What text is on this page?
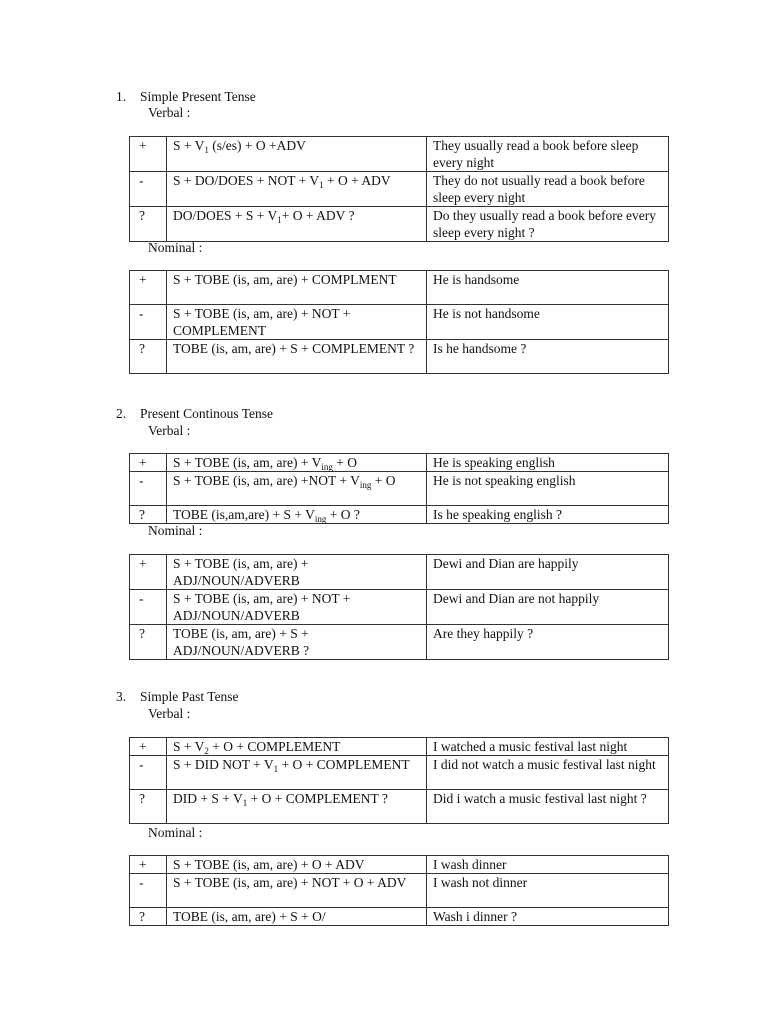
1. Simple Present Tense
Verbal :
+	$S + V_1$ (s/es) + O +ADV	They usually read a book before sleep every night
-	S + DO/DOES + NOT + $V_1 + O$ + ADV	They do not usually read a book before sleep every night
?	DO/DOES + $S + V_1+ O$ + ADV ?	Do they usually read a book before every sleep every night ?
Nominal :
+	S + TOBE (is, am, are) + COMPLMENT	He is handsome
-	S + TOBE (is, am, are) + NOT + COMPLEMENT	He is not handsome
?	TOBE (is, am, are) + S + COMPLEMENT ?	Is he handsome ?
2. Present Continous Tense
Verbal :
+	S + TOBE (is, am, $are) + V_{ing} + O$	He is speaking english
-	S + TOBE (is, am, $are) +NOT + V_{ing} + O$	He is not speaking english
?	TOBE $(is,am,are) + S + V_{ing} + O$ ?	Is he speaking english ?
Nominal :
+	S + TOBE (is, am, are) + ADJ/NOUN/ADVERB	Dewi and Dian are happily
-	S + TOBE (is, am, are) + NOT + ADJ/NOUN/ADVERB	Dewi and Dian are not happily
?	TOBE (is, am, are) + S + ADJ/NOUN/ADVERB ?	Are they happily ?
3. Simple Past Tense
Verbal :
+	$S + V_2 + O$ + COMPLEMENT	I watched a music festival last night
-	S + DID NOT + $V_1 + O$ + COMPLEMENT	I did not watch a music festival last night
?	DID + $S + V_1 + O$ + COMPLEMENT ?	Did i watch a music festival last night ?
Nominal :
+	S + TOBE (is, am, are) + O + ADV	I wash dinner
-	S + TOBE (is, am, are) + NOT + O + ADV	I wash not dinner
?	TOBE (is, am, are) + S + O/	Wash i dinner ?
